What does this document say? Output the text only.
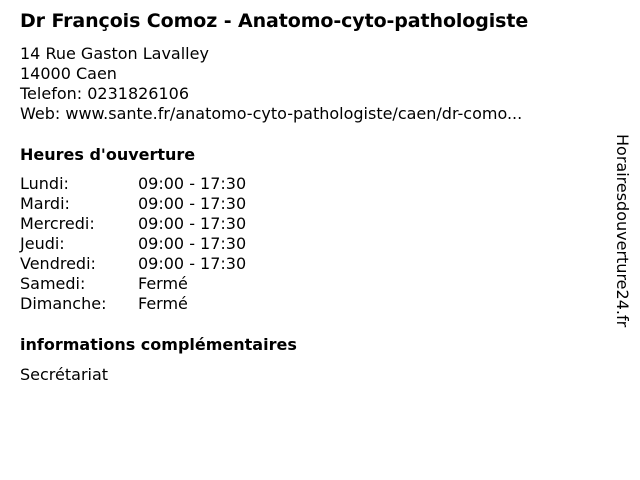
Dr François Comoz - Anatomo-cyto-pathologiste
14 Rue Gaston Lavalley
14000 Caen
Telefon: 0231826106
Web: www.sante.fr/anatomo-cyto-pathologiste/caen/dr-como...
Heures d'ouverture
Lundi:	09:00 - 17:30
Mardi:	09:00 - 17:30
Mercredi:	09:00 - 17:30
Jeudi:	09:00 - 17:30
Vendredi:	09:00 - 17:30
Samedi:	Fermé
Dimanche: Fermé
informations complémentaires
Secrétariat
Horairesdouverture24.fr
